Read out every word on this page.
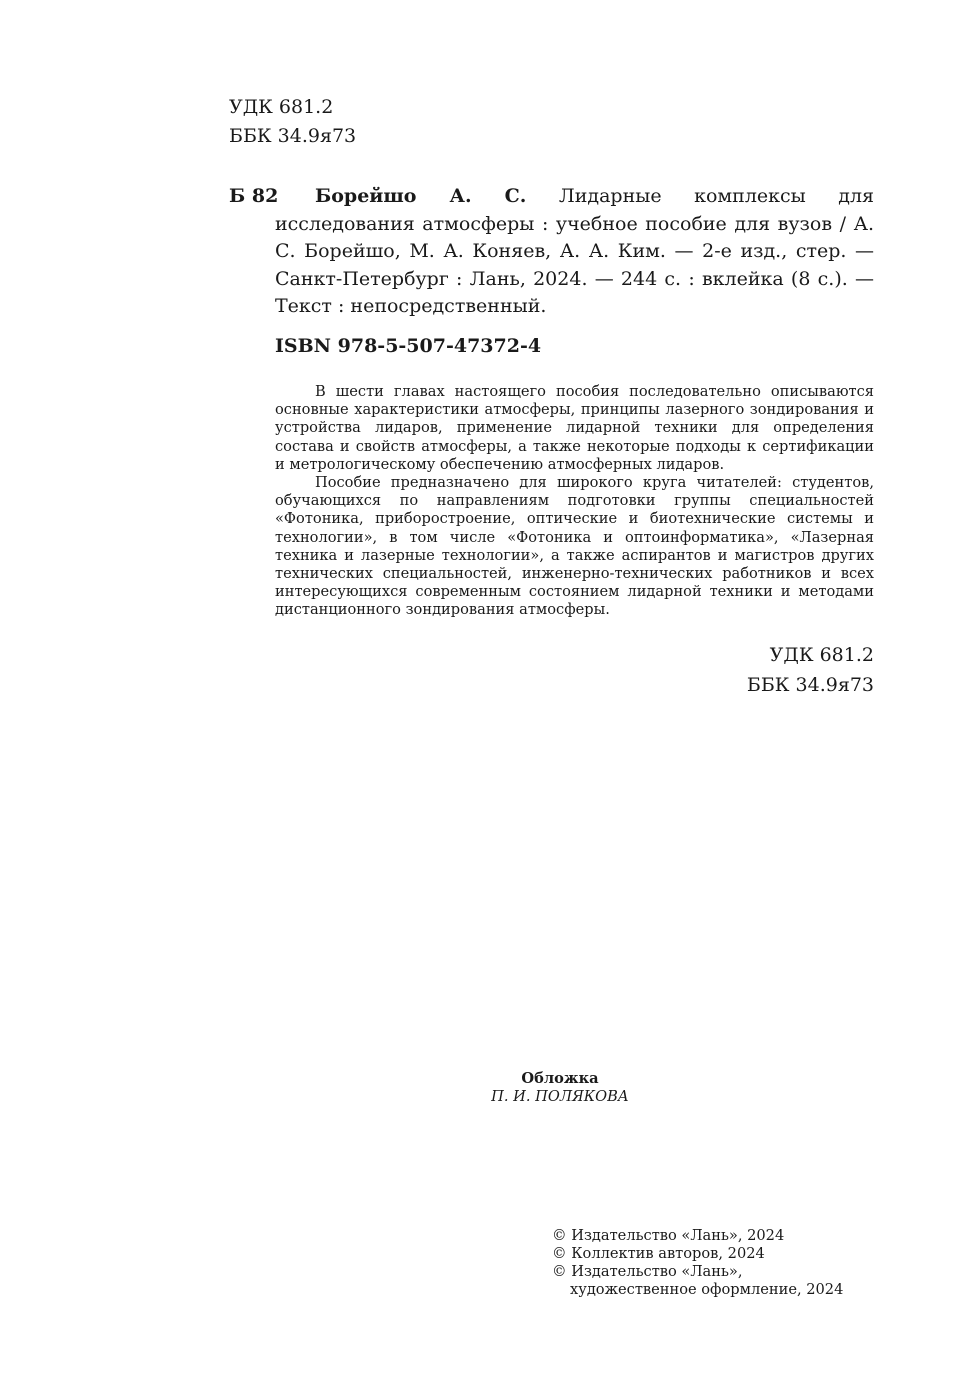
УДК 681.2
ББК 34.9я73
Б 82	Борейшо А. С. Лидарные комплексы для исследования атмосферы : учебное пособие для вузов / А. С. Борейшо, М. А. Коняев, А. А. Ким. — 2-е изд., стер. — Санкт-Петербург : Лань, 2024. — 244 с. : вклейка (8 с.). — Текст : непосредственный.

ISBN 978-5-507-47372-4

В шести главах настоящего пособия последовательно описываются основные характеристики атмосферы, принципы лазерного зондирования и устройства лидаров, применение лидарной техники для определения состава и свойств атмосферы, а также некоторые подходы к сертификации и метрологическому обеспечению атмосферных лидаров.

Пособие предназначено для широкого круга читателей: студентов, обучающихся по направлениям подготовки группы специальностей «Фотоника, приборостроение, оптические и биотехнические системы и технологии», в том числе «Фотоника и оптоинформатика», «Лазерная техника и лазерные технологии», а также аспирантов и магистров других технических специальностей, инженерно-технических работников и всех интересующихся современным состоянием лидарной техники и методами дистанционного зондирования атмосферы.

УДК 681.2
ББК 34.9я73
Обложка
П. И. ПОЛЯКОВА
© Издательство «Лань», 2024
© Коллектив авторов, 2024
© Издательство «Лань»,
художественное оформление, 2024
